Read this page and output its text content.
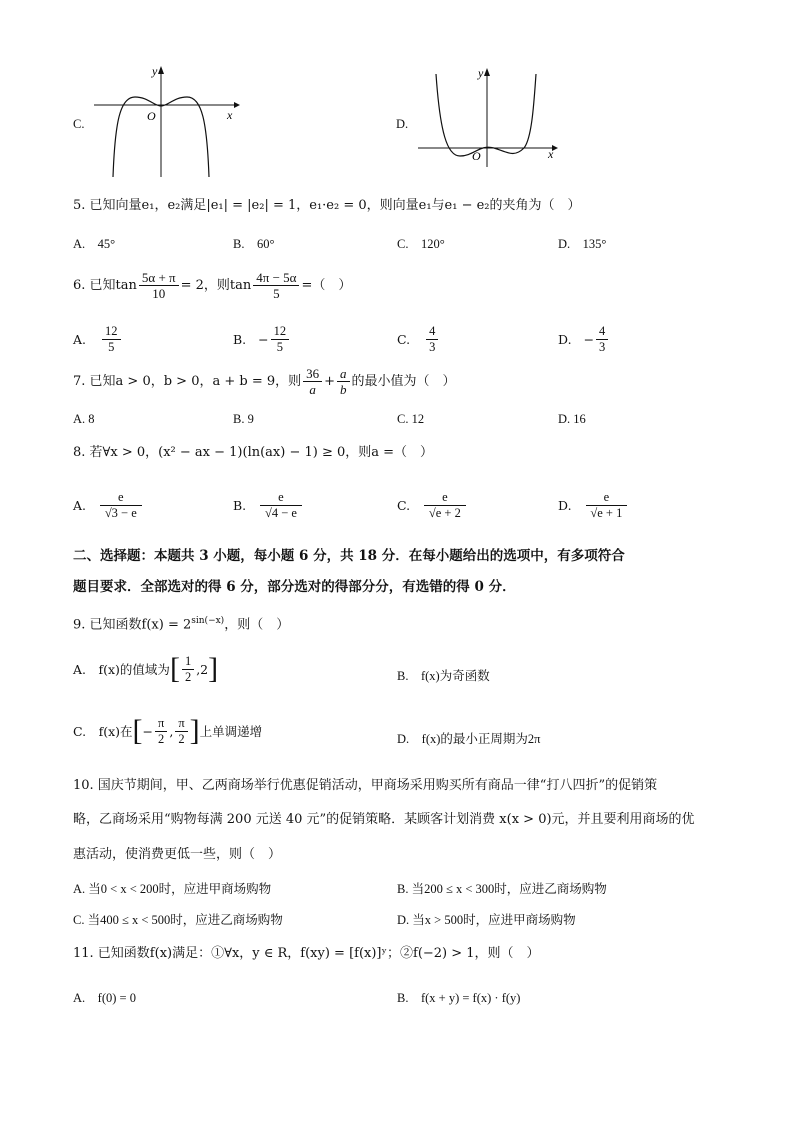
C.
y
x
O
D.
y
x
O
5. 已知向量e₁，e₂满足|e₁| = |e₂| = 1，e₁·e₂ = 0，则向量e₁与e₁ − e₂的夹角为（　）
A.　45°	B.　60°	C.　120°	D.　135°
6. 已知$\tan \frac{5\alpha + \pi}{10} = 2$，则$\tan \frac{4\pi - 5\alpha}{5}$ =（　）
A. $\frac{12}{5}$	B. − $\frac{12}{5}$	C. $\frac{4}{3}$	D. − $\frac{4}{3}$
7. 已知a > 0，b > 0，a + b = 9，则 $\frac{36}{a} + \frac{a}{b}$ 的最小值为（　）
A. 8	B. 9	C. 12	D. 16
8. 若∀x > 0，(x² − ax − 1)(ln(ax) − 1) ≥ 0，则a =（　）
A. $\frac{e}{√3 - e}$	B. $\frac{e}{√4 - e}$	C. $\frac{e}{√e + 2}$	D. $\frac{e}{√e + 1}$
二、选择题：本题共 3 小题，每小题 6 分，共 18 分．在每小题给出的选项中，有多项符合
题目要求．全部选对的得 6 分，部分选对的得部分分，有选错的得 0 分．
9. 已知函数$f(x) = 2^{sin(-x)}$，则（　）
A.　f(x)的值域为 [ $\frac{1}{2} ,2$ ]	B.　f(x)为奇函数
C.　f(x)在 [ − $\frac{\pi}{2}$ , $\frac{\pi}{2}$ ] 上单调递增	D.　f(x)的最小正周期为2π
10. 国庆节期间，甲、乙两商场举行优惠促销活动，甲商场采用购买所有商品一律“打八四折”的促销策
略，乙商场采用“购物每满 200 元送 40 元”的促销策略．某顾客计划消费 x(x > 0)元，并且要利用商场的优
惠活动，使消费更低一些，则（　）
A. 当0 < x < 200时，应进甲商场购物	B. 当200 ≤ x < 300时，应进乙商场购物
C. 当400 ≤ x < 500时，应进乙商场购物	D. 当x > 500时，应进甲商场购物
11. 已知函数f(x)满足：①∀x，y ∈ R，f(xy) = [f(x)]ʸ；②f(−2) > 1，则（　）
A.　f(0) = 0	B.　f(x + y) = f(x) · f(y)
